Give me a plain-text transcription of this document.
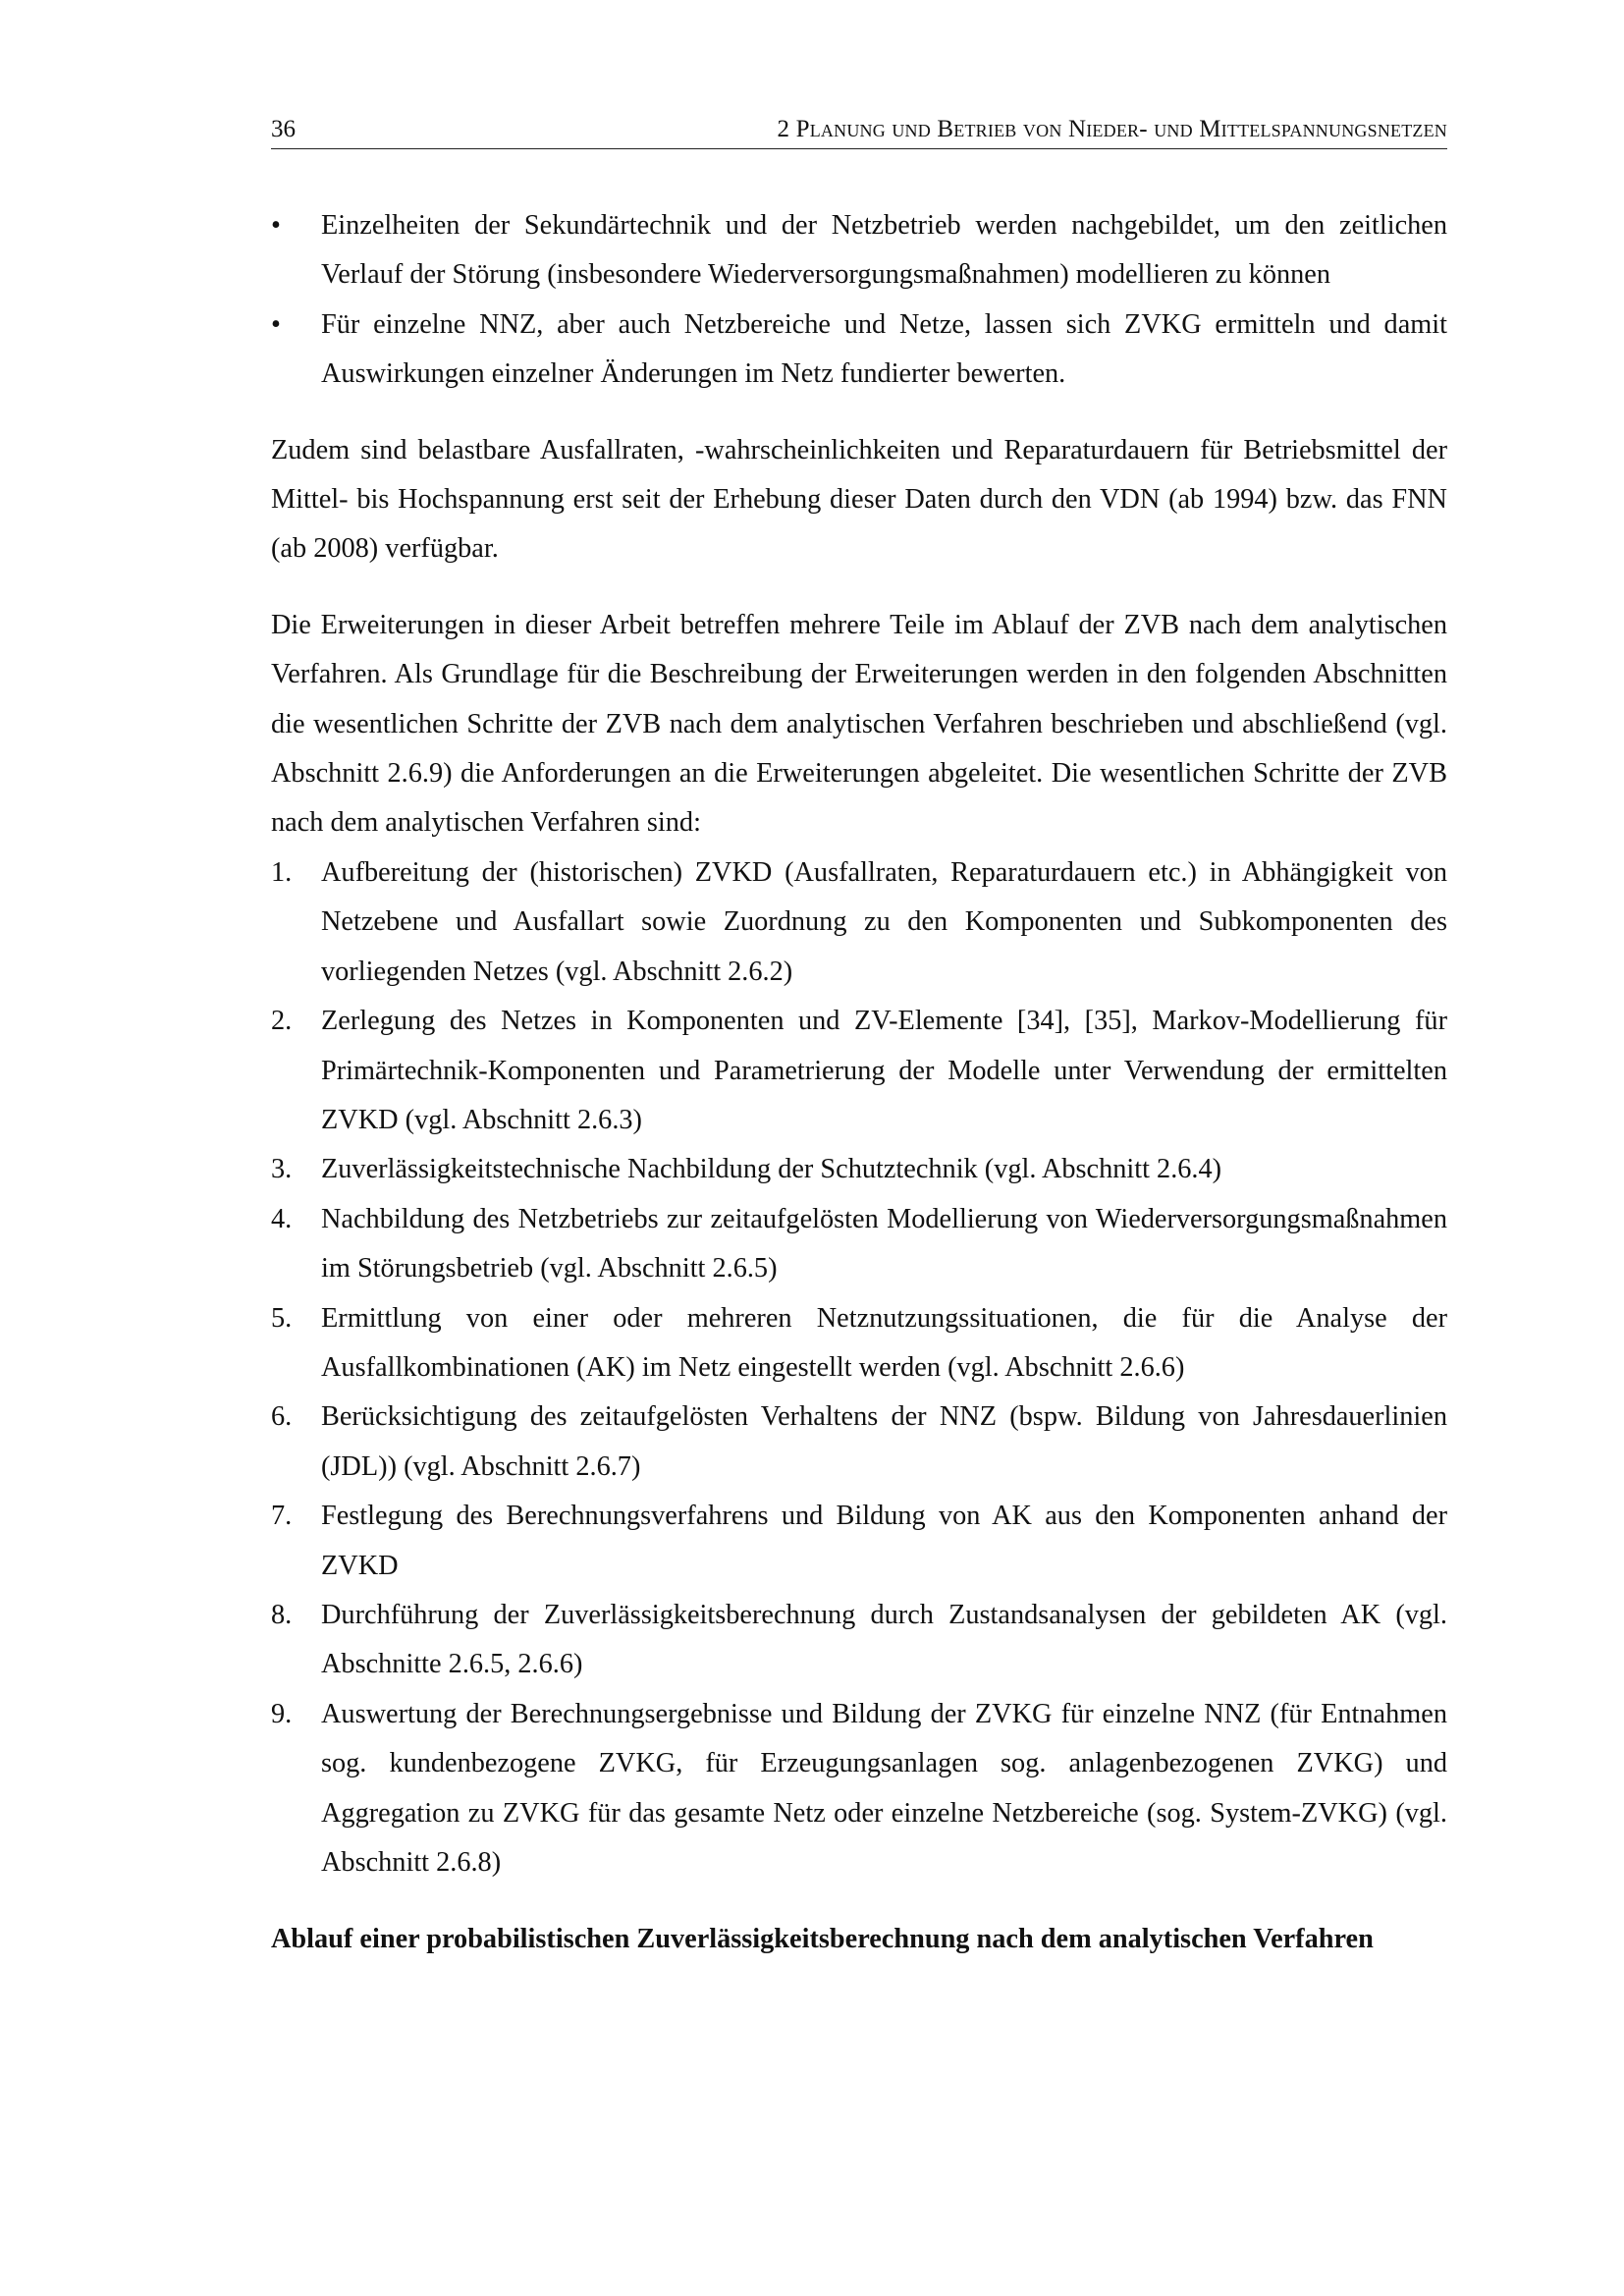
36	2 Planung und Betrieb von Nieder- und Mittelspannungsnetzen
•	Einzelheiten der Sekundärtechnik und der Netzbetrieb werden nachgebildet, um den zeitlichen Verlauf der Störung (insbesondere Wiederversorgungsmaßnahmen) modellieren zu können
•	Für einzelne NNZ, aber auch Netzbereiche und Netze, lassen sich ZVKG ermitteln und damit Auswirkungen einzelner Änderungen im Netz fundierter bewerten.

Zudem sind belastbare Ausfallraten, -wahrscheinlichkeiten und Reparaturdauern für Betriebsmittel der Mittel- bis Hochspannung erst seit der Erhebung dieser Daten durch den VDN (ab 1994) bzw. das FNN (ab 2008) verfügbar.

Die Erweiterungen in dieser Arbeit betreffen mehrere Teile im Ablauf der ZVB nach dem analytischen Verfahren. Als Grundlage für die Beschreibung der Erweiterungen werden in den folgenden Abschnitten die wesentlichen Schritte der ZVB nach dem analytischen Verfahren beschrieben und abschließend (vgl. Abschnitt 2.6.9) die Anforderungen an die Erweiterungen abgeleitet. Die wesentlichen Schritte der ZVB nach dem analytischen Verfahren sind:

1.	Aufbereitung der (historischen) ZVKD (Ausfallraten, Reparaturdauern etc.) in Abhängigkeit von Netzebene und Ausfallart sowie Zuordnung zu den Komponenten und Subkomponenten des vorliegenden Netzes (vgl. Abschnitt 2.6.2)
2.	Zerlegung des Netzes in Komponenten und ZV-Elemente [34], [35], Markov-Modellierung für Primärtechnik-Komponenten und Parametrierung der Modelle unter Verwendung der ermittelten ZVKD (vgl. Abschnitt 2.6.3)
3.	Zuverlässigkeitstechnische Nachbildung der Schutztechnik (vgl. Abschnitt 2.6.4)
4.	Nachbildung des Netzbetriebs zur zeitaufgelösten Modellierung von Wiederversorgungsmaßnahmen im Störungsbetrieb (vgl. Abschnitt 2.6.5)
5.	Ermittlung von einer oder mehreren Netznutzungssituationen, die für die Analyse der Ausfallkombinationen (AK) im Netz eingestellt werden (vgl. Abschnitt 2.6.6)
6.	Berücksichtigung des zeitaufgelösten Verhaltens der NNZ (bspw. Bildung von Jahresdauerlinien (JDL)) (vgl. Abschnitt 2.6.7)
7.	Festlegung des Berechnungsverfahrens und Bildung von AK aus den Komponenten anhand der ZVKD
8.	Durchführung der Zuverlässigkeitsberechnung durch Zustandsanalysen der gebildeten AK (vgl. Abschnitte 2.6.5, 2.6.6)
9.	Auswertung der Berechnungsergebnisse und Bildung der ZVKG für einzelne NNZ (für Entnahmen sog. kundenbezogene ZVKG, für Erzeugungsanlagen sog. anlagenbezogenen ZVKG) und Aggregation zu ZVKG für das gesamte Netz oder einzelne Netzbereiche (sog. System-ZVKG) (vgl. Abschnitt 2.6.8)

Ablauf einer probabilistischen Zuverlässigkeitsberechnung nach dem analytischen Verfahren
